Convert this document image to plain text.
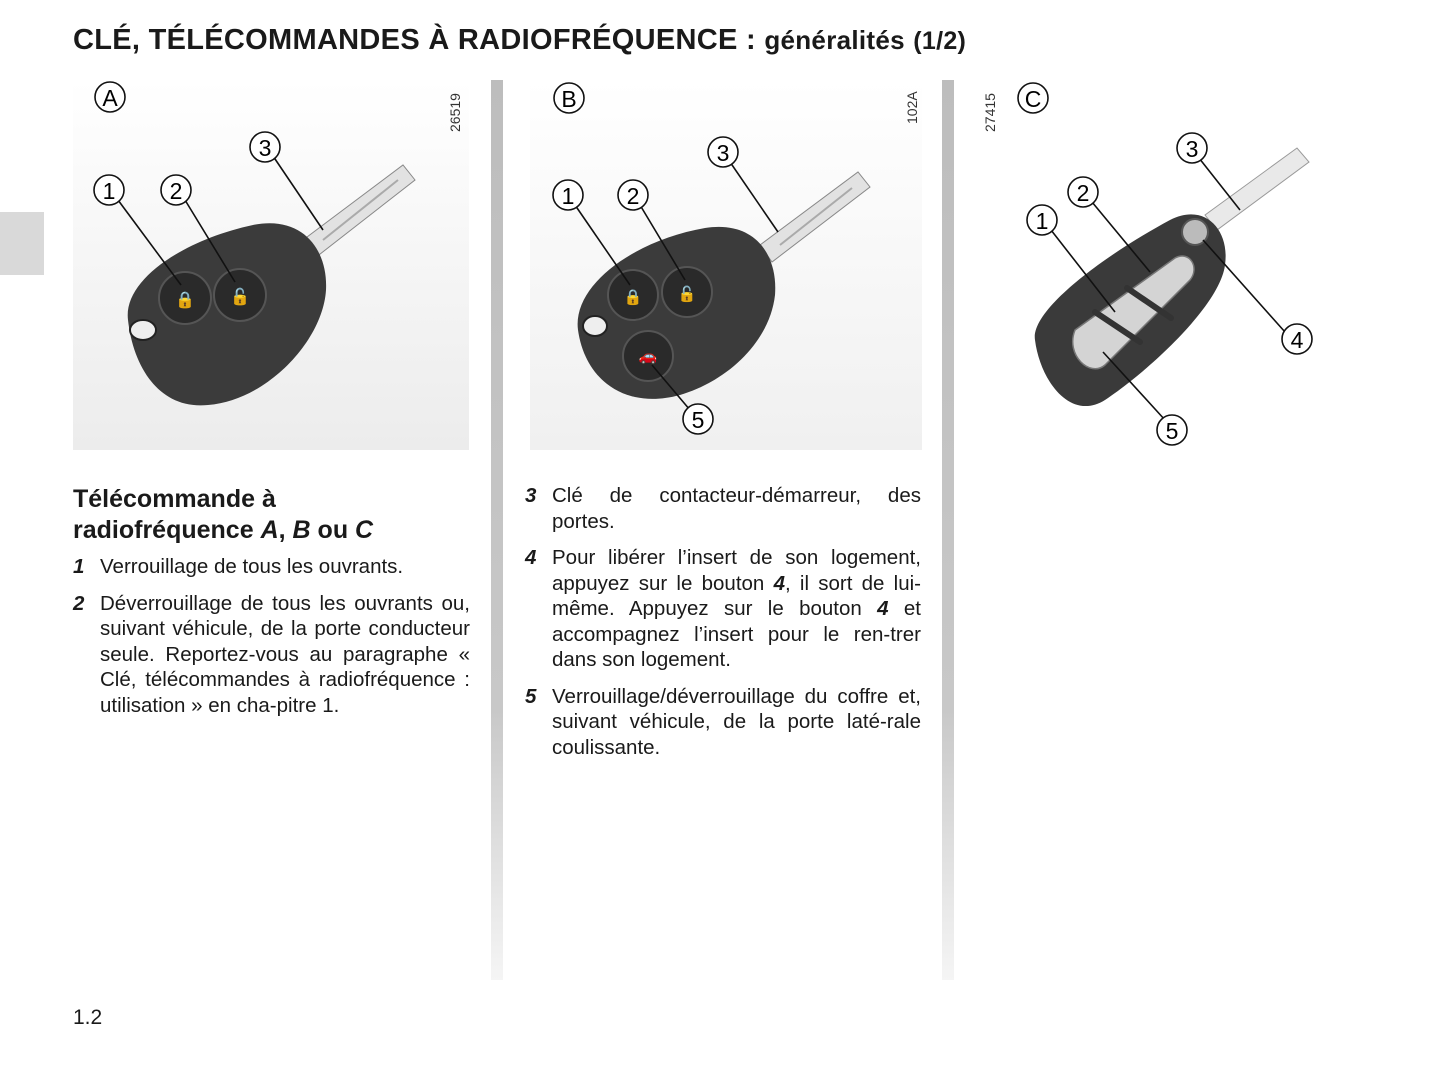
CLÉ, TÉLÉCOMMANDES À RADIOFRÉQUENCE : généralités (1/2)
🔒 🔓
1 2
3
A	26519
🔒 🔓
🚗
1 2
3
5
B	102A
1
2
3
4
5
C
27415
Télécommande à
radiofréquence A, B ou C
1 Verrouillage de tous les ouvrants.
2 Déverrouillage de tous les ouvrants ou, suivant véhicule, de la porte conducteur seule. Reportez-vous au paragraphe « Clé, télécommandes à radiofréquence : utilisation » en cha-pitre 1.
3 Clé de contacteur-démarreur, des portes.
4 Pour libérer l’insert de son logement, appuyez sur le bouton 4, il sort de lui-même. Appuyez sur le bouton 4 et accompagnez l’insert pour le ren-trer dans son logement.
5 Verrouillage/déverrouillage du coffre et, suivant véhicule, de la porte laté-rale coulissante.
1.2
